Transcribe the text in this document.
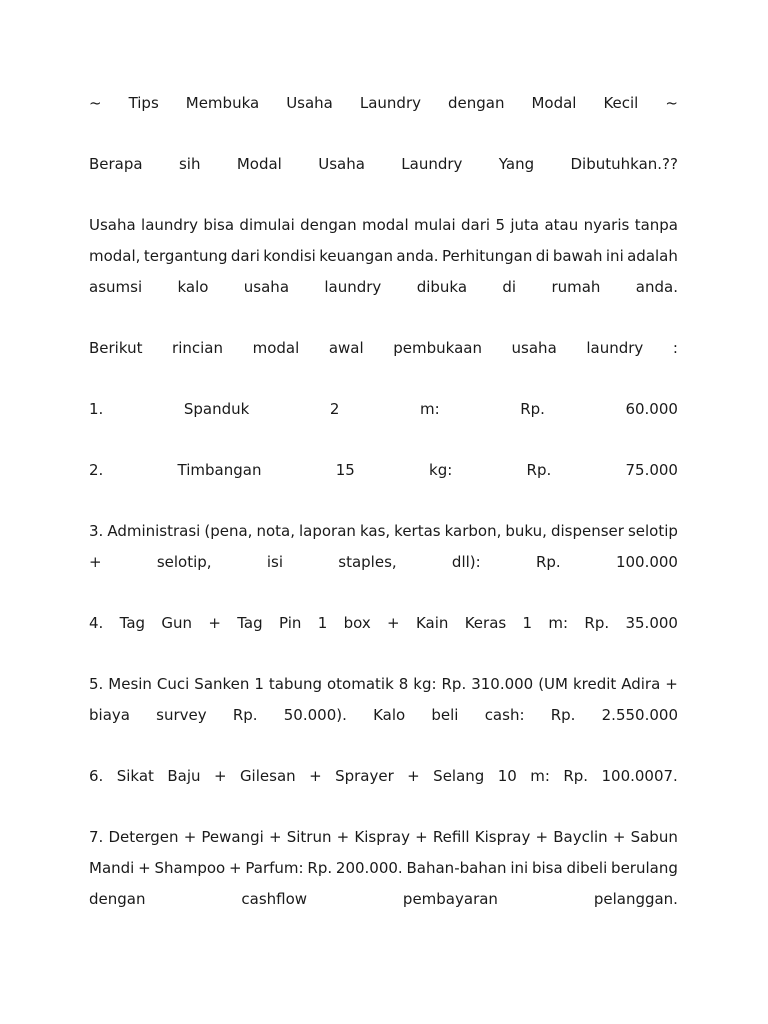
~ Tips Membuka Usaha Laundry dengan Modal Kecil ~
Berapa sih Modal Usaha Laundry Yang Dibutuhkan.??
Usaha laundry bisa dimulai dengan modal mulai dari 5 juta atau nyaris tanpa
modal, tergantung dari kondisi keuangan anda. Perhitungan di bawah ini adalah
asumsi kalo usaha laundry dibuka di rumah anda.
Berikut rincian modal awal pembukaan usaha laundry :
1.	Spanduk	2	m:	Rp.	60.000
2.	Timbangan	15	kg:	Rp.	75.000
3. Administrasi (pena, nota, laporan kas, kertas karbon, buku, dispenser selotip
+	selotip,	isi	staples,	dll):	Rp.	100.000
4. Tag Gun + Tag Pin 1 box + Kain Keras 1 m: Rp. 35.000
5. Mesin Cuci Sanken 1 tabung otomatik 8 kg: Rp. 310.000 (UM kredit Adira +
biaya survey Rp. 50.000). Kalo beli cash: Rp. 2.550.000
6. Sikat Baju + Gilesan + Sprayer + Selang 10 m: Rp. 100.0007.
7. Detergen + Pewangi + Sitrun + Kispray + Refill Kispray + Bayclin + Sabun
Mandi + Shampoo + Parfum: Rp. 200.000. Bahan-bahan ini bisa dibeli berulang
dengan	cashflow	pembayaran	pelanggan.
